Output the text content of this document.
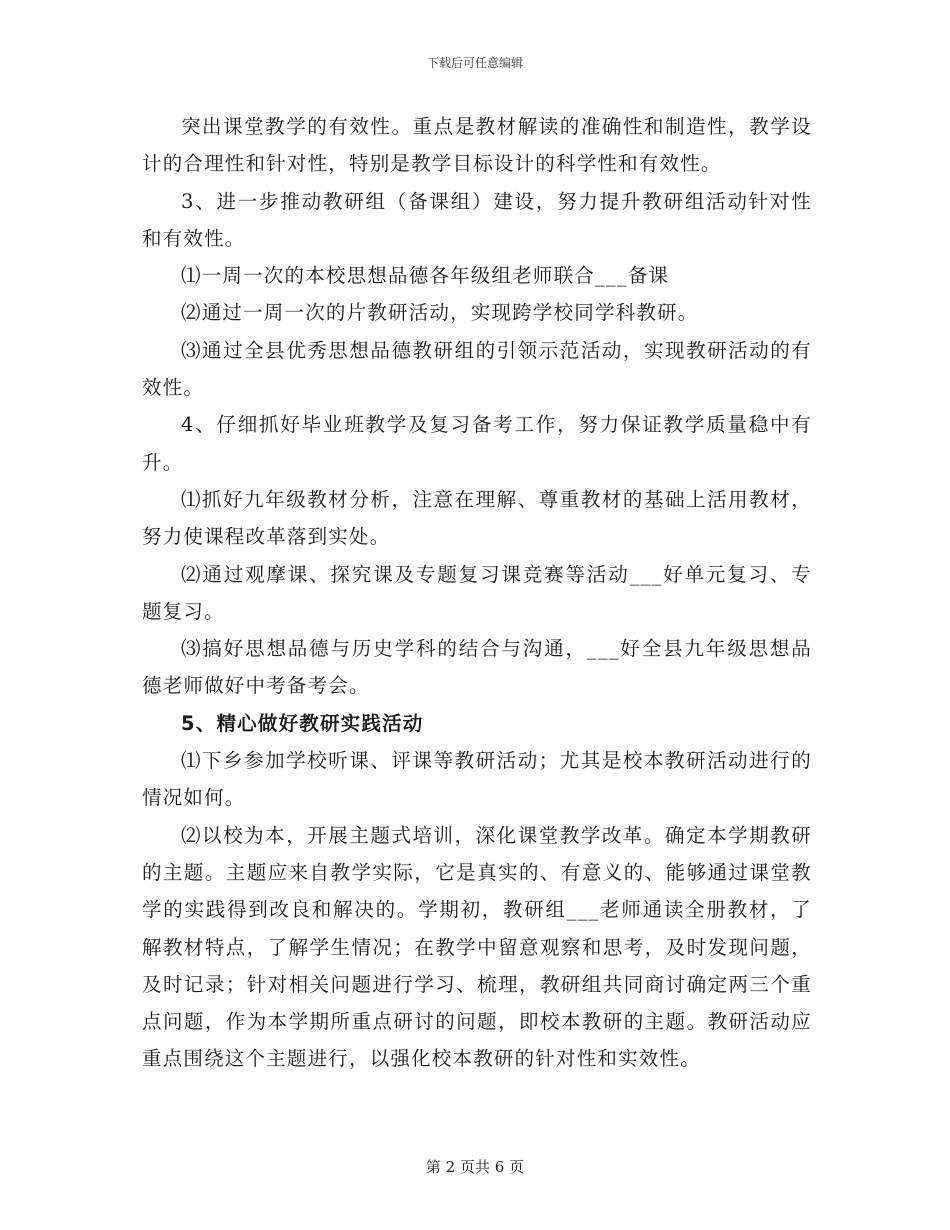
下载后可任意编辑

突出课堂教学的有效性。重点是教材解读的准确性和制造性，教学设计的合理性和针对性，特别是教学目标设计的科学性和有效性。

3、进一步推动教研组（备课组）建设，努力提升教研组活动针对性和有效性。

⑴一周一次的本校思想品德各年级组老师联合___备课

⑵通过一周一次的片教研活动，实现跨学校同学科教研。

⑶通过全县优秀思想品德教研组的引领示范活动，实现教研活动的有效性。

4、仔细抓好毕业班教学及复习备考工作，努力保证教学质量稳中有升。

⑴抓好九年级教材分析，注意在理解、尊重教材的基础上活用教材，努力使课程改革落到实处。

⑵通过观摩课、探究课及专题复习课竞赛等活动___好单元复习、专题复习。

⑶搞好思想品德与历史学科的结合与沟通，___好全县九年级思想品德老师做好中考备考会。

5、精心做好教研实践活动

⑴下乡参加学校听课、评课等教研活动；尤其是校本教研活动进行的情况如何。

⑵以校为本，开展主题式培训，深化课堂教学改革。确定本学期教研的主题。主题应来自教学实际，它是真实的、有意义的、能够通过课堂教学的实践得到改良和解决的。学期初，教研组___老师通读全册教材，了解教材特点，了解学生情况；在教学中留意观察和思考，及时发现问题，及时记录；针对相关问题进行学习、梳理，教研组共同商讨确定两三个重点问题，作为本学期所重点研讨的问题，即校本教研的主题。教研活动应重点围绕这个主题进行，以强化校本教研的针对性和实效性。

第 2 页共 6 页
